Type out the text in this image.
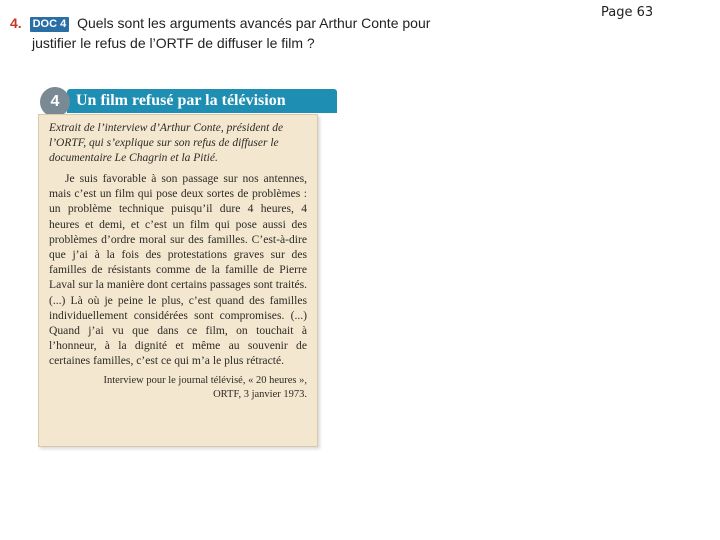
Page 63
4. DOC 4 Quels sont les arguments avancés par Arthur Conte pour
justifier le refus de l’ORTF de diffuser le film ?
4	Un film refusé par la télévision

Extrait de l’interview d’Arthur Conte, président de l’ORTF, qui s’explique sur son refus de diffuser le documentaire Le Chagrin et la Pitié.

Je suis favorable à son passage sur nos antennes, mais c’est un film qui pose deux sortes de problèmes : un problème technique puisqu’il dure 4 heures, 4 heures et demi, et c’est un film qui pose aussi des problèmes d’ordre moral sur des familles. C’est-à-dire que j’ai à la fois des protestations graves sur des familles de résistants comme de la famille de Pierre Laval sur la manière dont certains passages sont traités. (...) Là où je peine le plus, c’est quand des familles individuellement considérées sont compromises. (...) Quand j’ai vu que dans ce film, on touchait à l’honneur, à la dignité et même au souvenir de certaines familles, c’est ce qui m’a le plus rétracté.

Interview pour le journal télévisé, « 20 heures »,
ORTF, 3 janvier 1973.
